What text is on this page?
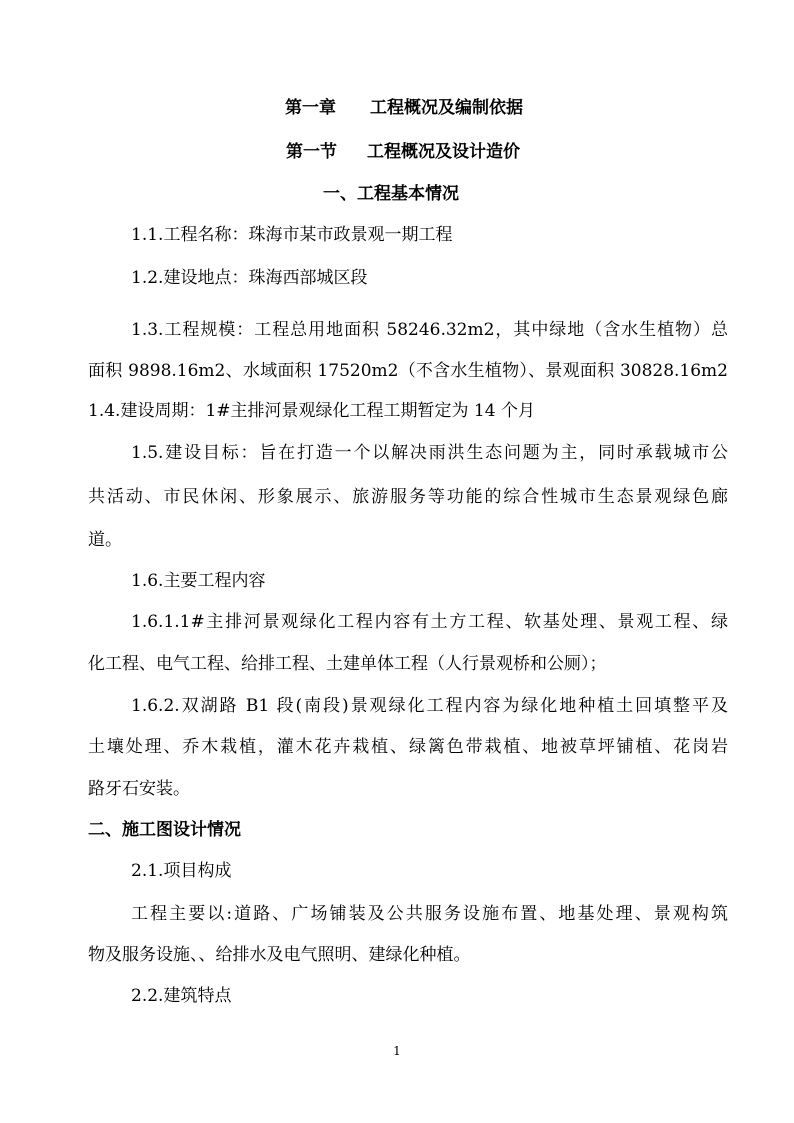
第一章 工程概况及编制依据
第一节 工程概况及设计造价
一、工程基本情况
1.1.工程名称：珠海市某市政景观一期工程
1.2.建设地点：珠海西部城区段
1.3.工程规模：工程总用地面积 58246.32m2，其中绿地（含水生植物）总
面积 9898.16m2、水域面积 17520m2（不含水生植物）、景观面积 30828.16m2
1.4.建设周期：1#主排河景观绿化工程工期暂定为 14 个月
1.5.建设目标：旨在打造一个以解决雨洪生态问题为主，同时承载城市公
共活动、市民休闲、形象展示、旅游服务等功能的综合性城市生态景观绿色廊
道。
1.6.主要工程内容
1.6.1.1#主排河景观绿化工程内容有土方工程、软基处理、景观工程、绿
化工程、电气工程、给排工程、土建单体工程（人行景观桥和公厕）；
1.6.2.双湖路 B1 段(南段)景观绿化工程内容为绿化地种植土回填整平及
土壤处理、乔木栽植，灌木花卉栽植、绿篱色带栽植、地被草坪铺植、花岗岩
路牙石安装。
二、施工图设计情况
2.1.项目构成
工程主要以:道路、广场铺装及公共服务设施布置、地基处理、景观构筑
物及服务设施、、给排水及电气照明、建绿化种植。
2.2.建筑特点
1
